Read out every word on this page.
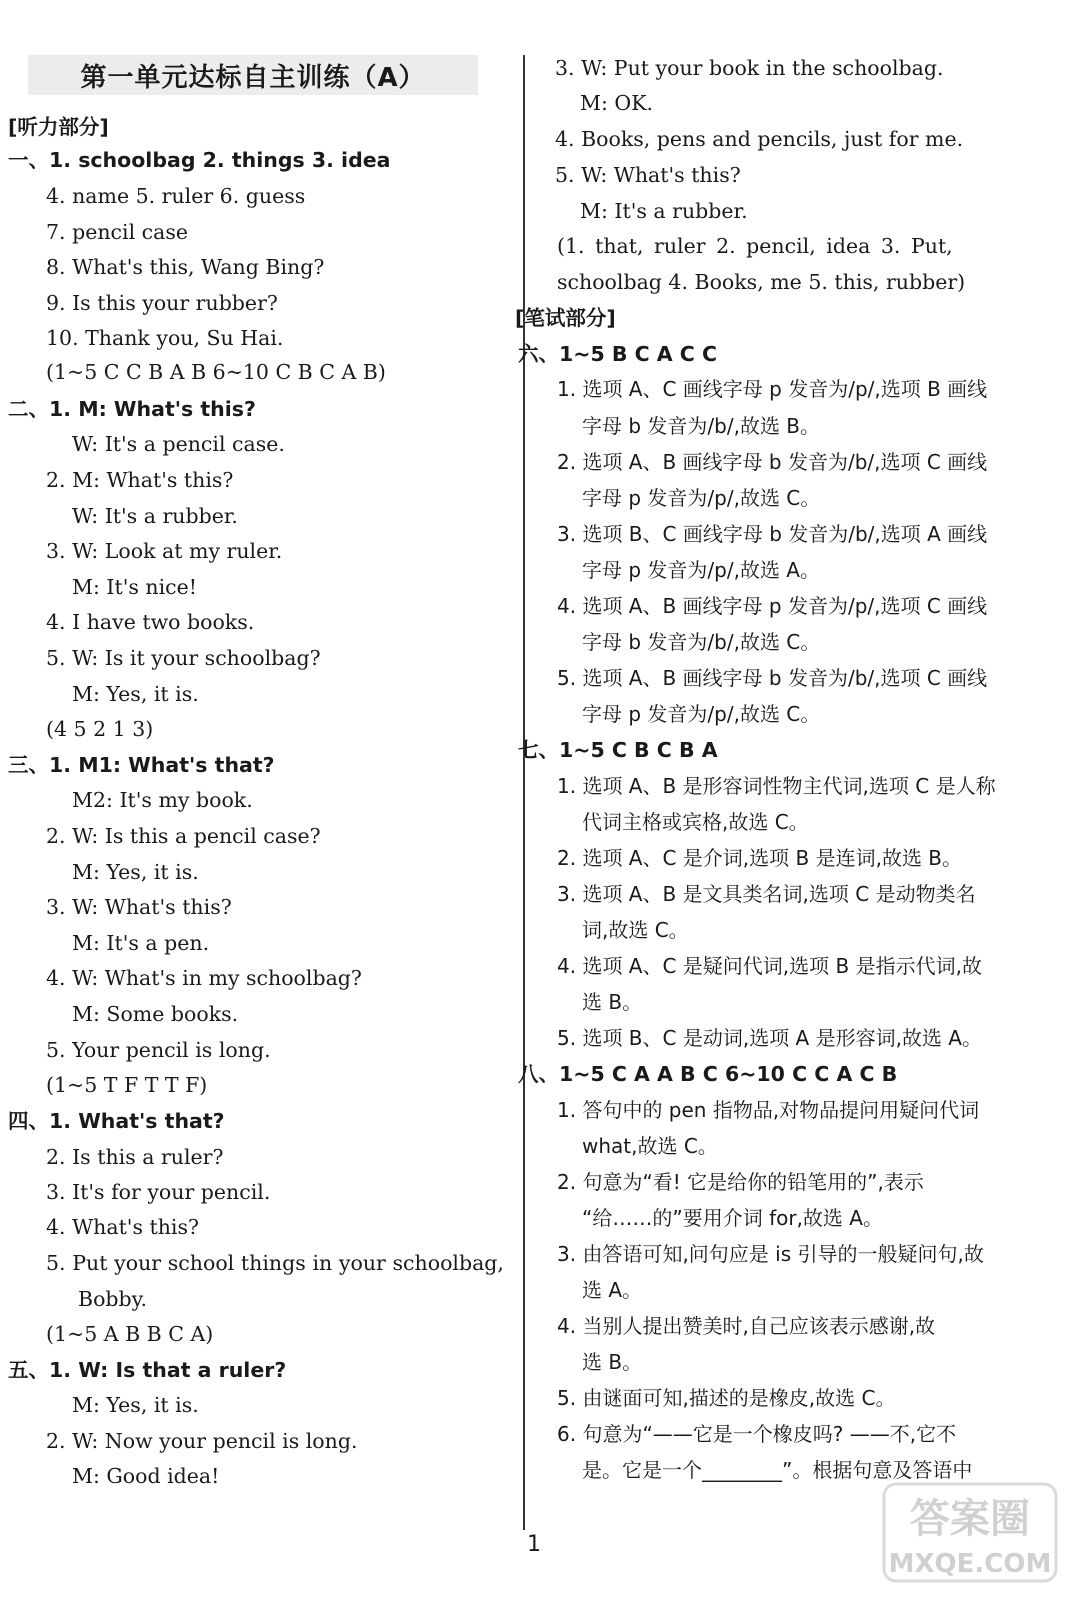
第一单元达标自主训练（A）
[听力部分]
一、1. schoolbag 2. things 3. idea
4. name 5. ruler 6. guess
7. pencil case
8. What's this, Wang Bing?
9. Is this your rubber?
10. Thank you, Su Hai.
(1~5 C C B A B 6~10 C B C A B)
二、1. M: What's this?
W: It's a pencil case.
2. M: What's this?
W: It's a rubber.
3. W: Look at my ruler.
M: It's nice!
4. I have two books.
5. W: Is it your schoolbag?
M: Yes, it is.
(4 5 2 1 3)
三、1. M1: What's that?
M2: It's my book.
2. W: Is this a pencil case?
M: Yes, it is.
3. W: What's this?
M: It's a pen.
4. W: What's in my schoolbag?
M: Some books.
5. Your pencil is long.
(1~5 T F T T F)
四、1. What's that?
2. Is this a ruler?
3. It's for your pencil.
4. What's this?
5. Put your school things in your schoolbag,
Bobby.
(1~5 A B B C A)
五、1. W: Is that a ruler?
M: Yes, it is.
2. W: Now your pencil is long.
M: Good idea!
3. W: Put your book in the schoolbag.
M: OK.
4. Books, pens and pencils, just for me.
5. W: What's this?
M: It's a rubber.
(1. that, ruler 2. pencil, idea 3. Put,
schoolbag 4. Books, me 5. this, rubber)
[笔试部分]
六、1~5 B C A C C
1. 选项 A、C 画线字母 p 发音为/p/,选项 B 画线
字母 b 发音为/b/,故选 B。
2. 选项 A、B 画线字母 b 发音为/b/,选项 C 画线
字母 p 发音为/p/,故选 C。
3. 选项 B、C 画线字母 b 发音为/b/,选项 A 画线
字母 p 发音为/p/,故选 A。
4. 选项 A、B 画线字母 p 发音为/p/,选项 C 画线
字母 b 发音为/b/,故选 C。
5. 选项 A、B 画线字母 b 发音为/b/,选项 C 画线
字母 p 发音为/p/,故选 C。
七、1~5 C B C B A
1. 选项 A、B 是形容词性物主代词,选项 C 是人称
代词主格或宾格,故选 C。
2. 选项 A、C 是介词,选项 B 是连词,故选 B。
3. 选项 A、B 是文具类名词,选项 C 是动物类名
词,故选 C。
4. 选项 A、C 是疑问代词,选项 B 是指示代词,故
选 B。
5. 选项 B、C 是动词,选项 A 是形容词,故选 A。
八、1~5 C A A B C 6~10 C C A C B
1. 答句中的 pen 指物品,对物品提问用疑问代词
what,故选 C。
2. 句意为“看! 它是给你的铅笔用的”,表示
“给……的”要用介词 for,故选 A。
3. 由答语可知,问句应是 is 引导的一般疑问句,故
选 A。
4. 当别人提出赞美时,自己应该表示感谢,故
选 B。
5. 由谜面可知,描述的是橡皮,故选 C。
6. 句意为“——它是一个橡皮吗? ——不,它不
是。它是一个________”。根据句意及答语中
1
答案圈
MXQE.COM
